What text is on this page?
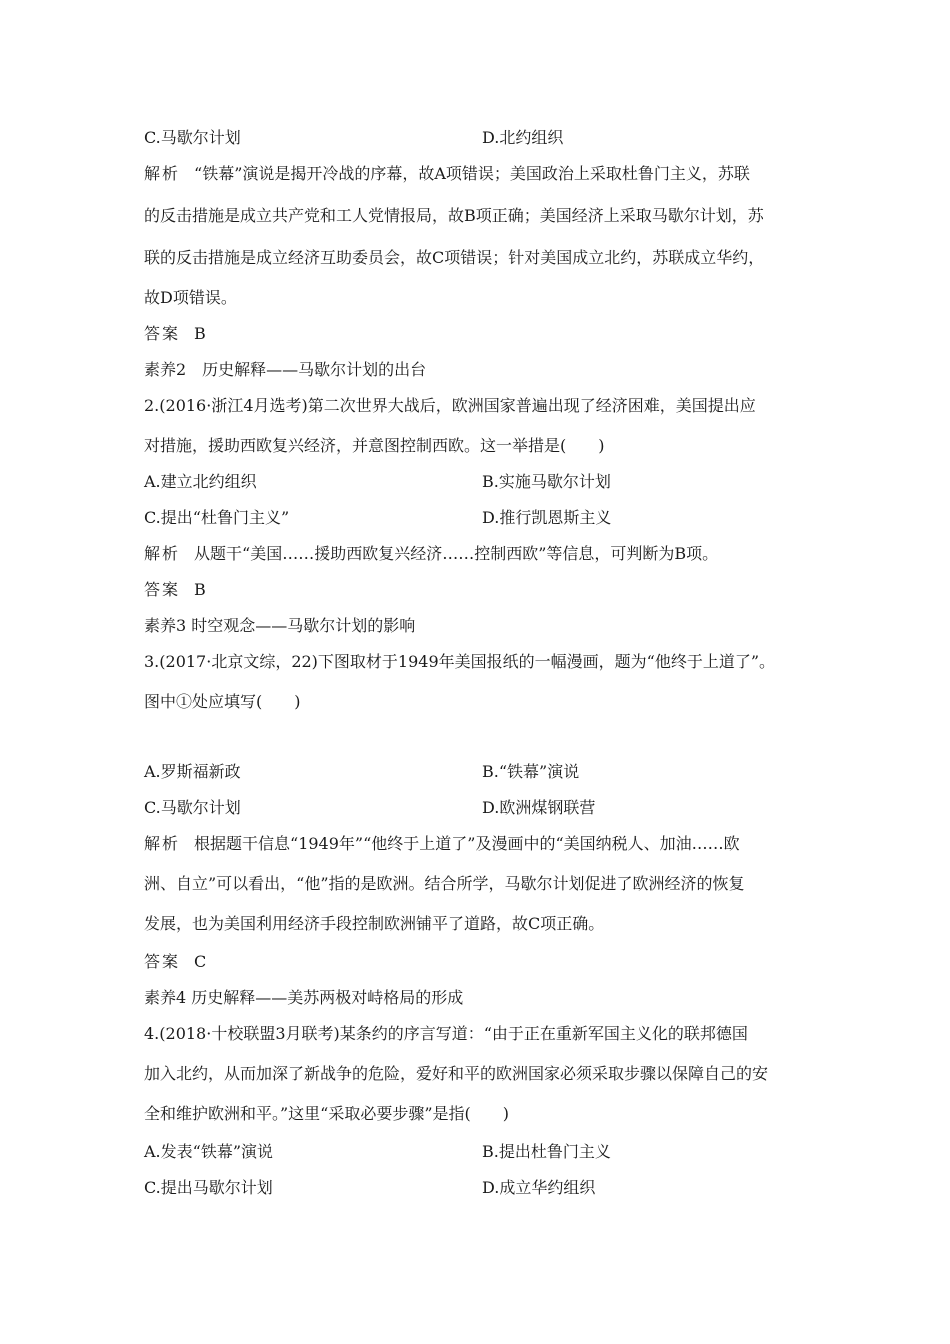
C.马歇尔计划	D.北约组织
解析 “铁幕”演说是揭开冷战的序幕，故A项错误；美国政治上采取杜鲁门主义，苏联
的反击措施是成立共产党和工人党情报局，故B项正确；美国经济上采取马歇尔计划，苏
联的反击措施是成立经济互助委员会，故C项错误；针对美国成立北约，苏联成立华约，
故D项错误。
答案 B
素养2　历史解释——马歇尔计划的出台
2.(2016·浙江4月选考)第二次世界大战后，欧洲国家普遍出现了经济困难，美国提出应
对措施，援助西欧复兴经济，并意图控制西欧。这一举措是(　　)
A.建立北约组织	B.实施马歇尔计划
C.提出“杜鲁门主义”	D.推行凯恩斯主义
解析 从题干“美国……援助西欧复兴经济……控制西欧”等信息，可判断为B项。
答案 B
素养3 时空观念——马歇尔计划的影响
3.(2017·北京文综，22)下图取材于1949年美国报纸的一幅漫画，题为“他终于上道了”。
图中①处应填写(　　)
A.罗斯福新政	B.“铁幕”演说
C.马歇尔计划	D.欧洲煤钢联营
解析 根据题干信息“1949年”“他终于上道了”及漫画中的“美国纳税人、加油……欧
洲、自立”可以看出，“他”指的是欧洲。结合所学，马歇尔计划促进了欧洲经济的恢复
发展，也为美国利用经济手段控制欧洲铺平了道路，故C项正确。
答案 C
素养4 历史解释——美苏两极对峙格局的形成
4.(2018·十校联盟3月联考)某条约的序言写道：“由于正在重新军国主义化的联邦德国
加入北约，从而加深了新战争的危险，爱好和平的欧洲国家必须采取步骤以保障自己的安
全和维护欧洲和平。”这里“采取必要步骤”是指(　　)
A.发表“铁幕”演说	B.提出杜鲁门主义
C.提出马歇尔计划	D.成立华约组织
